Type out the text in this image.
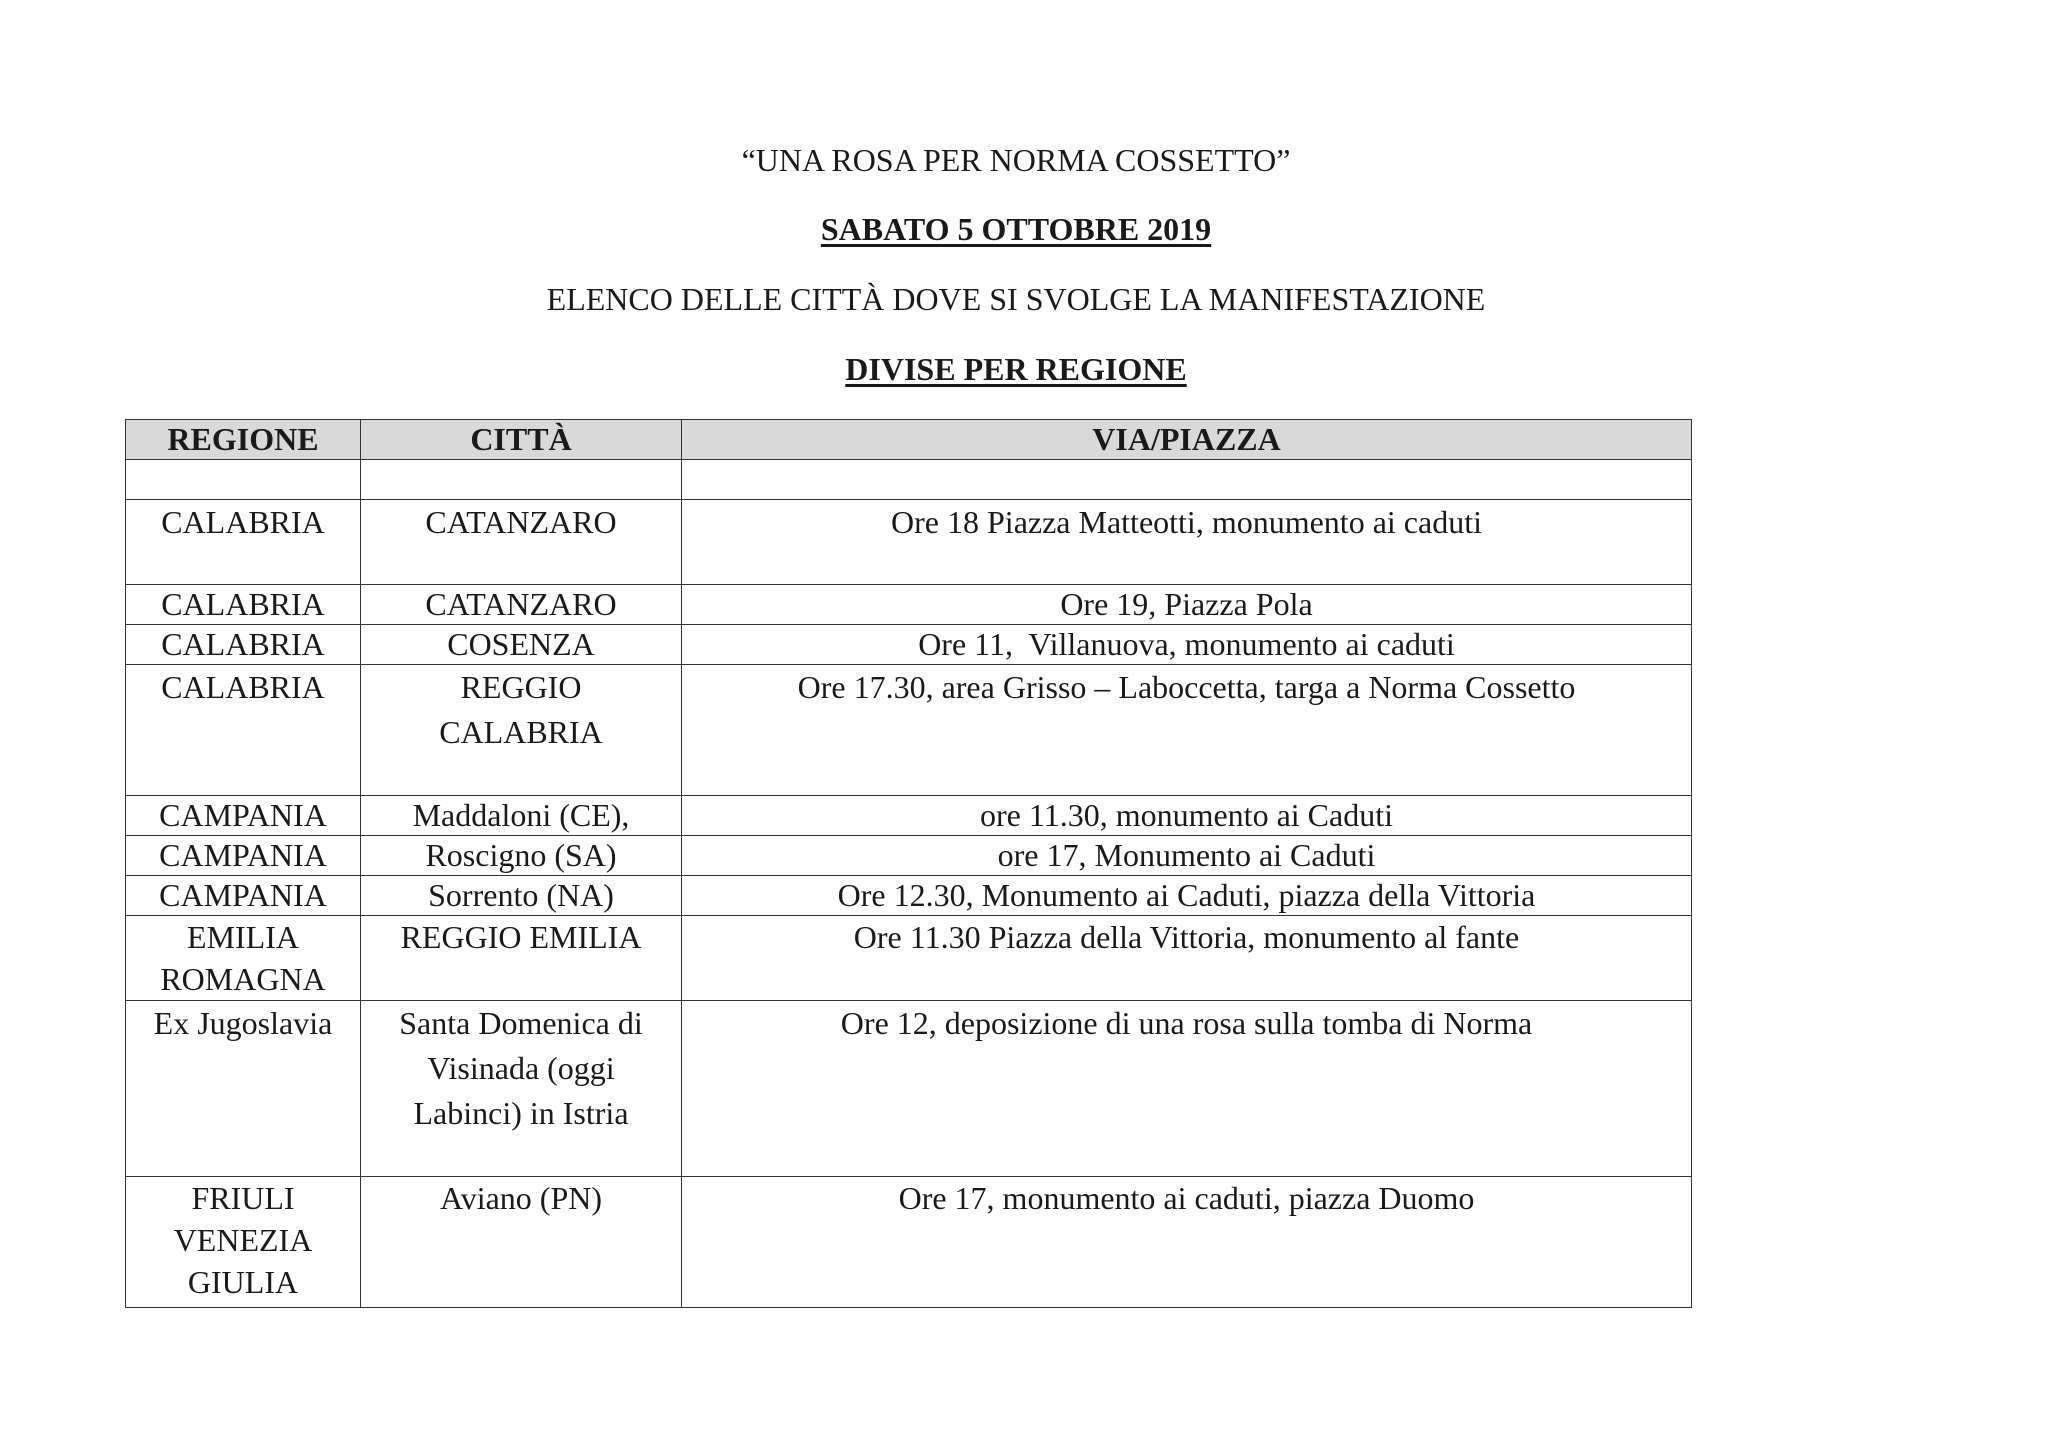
“UNA ROSA PER NORMA COSSETTO”

SABATO 5 OTTOBRE 2019

ELENCO DELLE CITTÀ DOVE SI SVOLGE LA MANIFESTAZIONE

DIVISE PER REGIONE

REGIONE	CITTÀ	VIA/PIAZZA

CALABRIA	CATANZARO	Ore 18 Piazza Matteotti, monumento ai caduti
CALABRIA	CATANZARO	Ore 19, Piazza Pola
CALABRIA	COSENZA	Ore 11,  Villanuova, monumento ai caduti
CALABRIA	REGGIO CALABRIA	Ore 17.30, area Grisso – Laboccetta, targa a Norma Cossetto
CAMPANIA	Maddaloni (CE),	ore 11.30, monumento ai Caduti
CAMPANIA	Roscigno (SA)	ore 17, Monumento ai Caduti
CAMPANIA	Sorrento (NA)	Ore 12.30, Monumento ai Caduti, piazza della Vittoria
EMILIA ROMAGNA	REGGIO EMILIA	Ore 11.30 Piazza della Vittoria, monumento al fante
Ex Jugoslavia	Santa Domenica di Visinada (oggi Labinci) in Istria	Ore 12, deposizione di una rosa sulla tomba di Norma
FRIULI VENEZIA GIULIA	Aviano (PN)	Ore 17, monumento ai caduti, piazza Duomo
